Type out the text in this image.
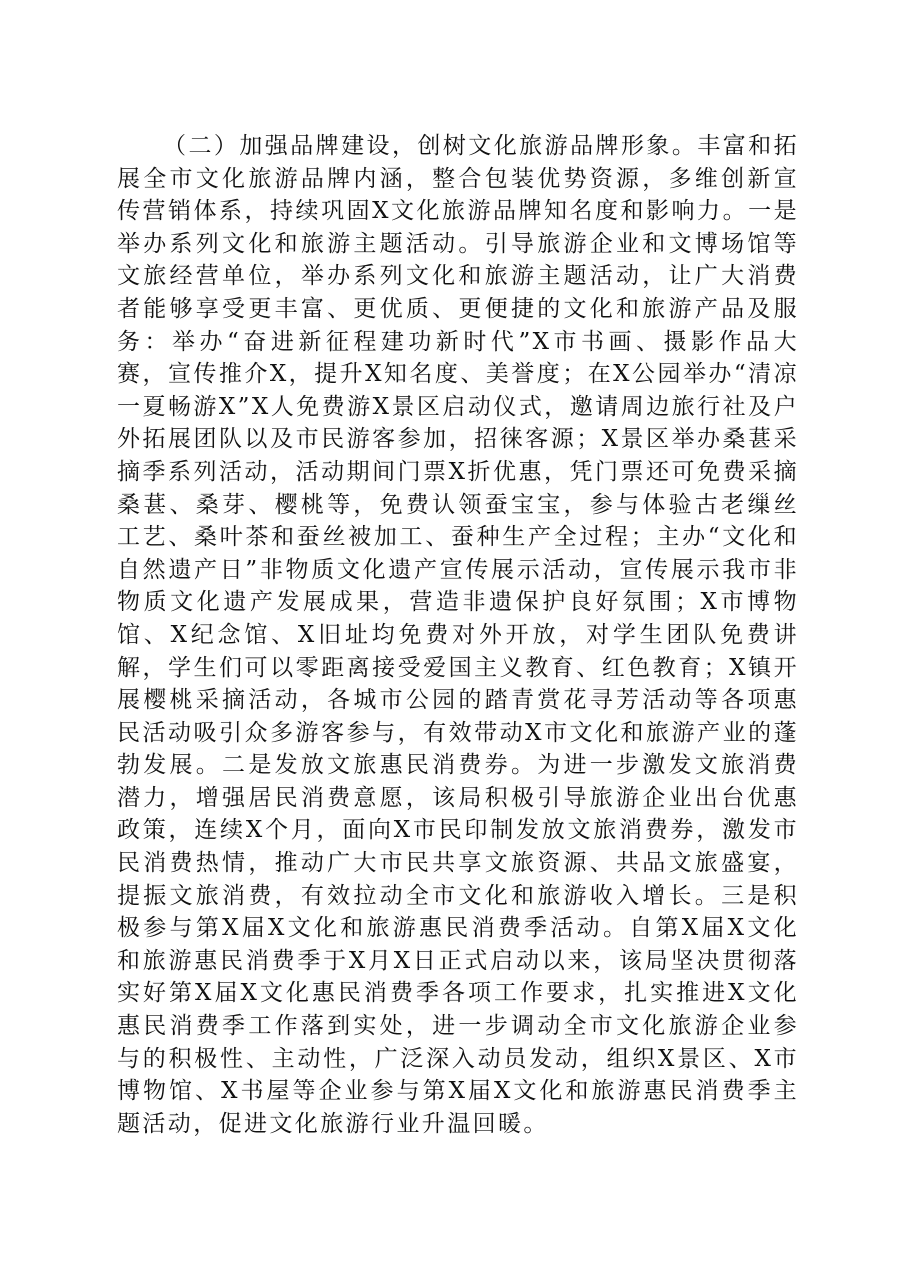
（二）加强品牌建设，创树文化旅游品牌形象。丰富和拓展全市文化旅游品牌内涵，整合包装优势资源，多维创新宣传营销体系，持续巩固X文化旅游品牌知名度和影响力。一是举办系列文化和旅游主题活动。引导旅游企业和文博场馆等文旅经营单位，举办系列文化和旅游主题活动，让广大消费者能够享受更丰富、更优质、更便捷的文化和旅游产品及服务：举办“奋进新征程建功新时代”X市书画、摄影作品大赛，宣传推介X，提升X知名度、美誉度；在X公园举办“清凉一夏畅游X”X人免费游X景区启动仪式，邀请周边旅行社及户外拓展团队以及市民游客参加，招徕客源；X景区举办桑葚采摘季系列活动，活动期间门票X折优惠，凭门票还可免费采摘桑葚、桑芽、樱桃等，免费认领蚕宝宝，参与体验古老缫丝工艺、桑叶茶和蚕丝被加工、蚕种生产全过程；主办“文化和自然遗产日”非物质文化遗产宣传展示活动，宣传展示我市非物质文化遗产发展成果，营造非遗保护良好氛围；X市博物馆、X纪念馆、X旧址均免费对外开放，对学生团队免费讲解，学生们可以零距离接受爱国主义教育、红色教育；X镇开展樱桃采摘活动，各城市公园的踏青赏花寻芳活动等各项惠民活动吸引众多游客参与，有效带动X市文化和旅游产业的蓬勃发展。二是发放文旅惠民消费券。为进一步激发文旅消费潜力，增强居民消费意愿，该局积极引导旅游企业出台优惠政策，连续X个月，面向X市民印制发放文旅消费券，激发市民消费热情，推动广大市民共享文旅资源、共品文旅盛宴，提振文旅消费，有效拉动全市文化和旅游收入增长。三是积极参与第X届X文化和旅游惠民消费季活动。自第X届X文化和旅游惠民消费季于X月X日正式启动以来，该局坚决贯彻落实好第X届X文化惠民消费季各项工作要求，扎实推进X文化惠民消费季工作落到实处，进一步调动全市文化旅游企业参与的积极性、主动性，广泛深入动员发动，组织X景区、X市博物馆、X书屋等企业参与第X届X文化和旅游惠民消费季主题活动，促进文化旅游行业升温回暖。
